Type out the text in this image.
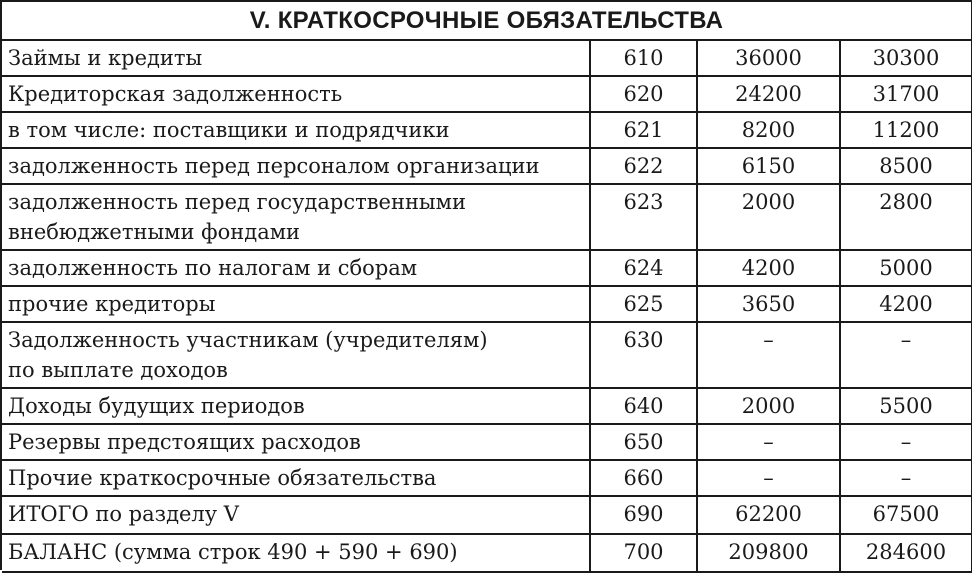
V. КРАТКОСРОЧНЫЕ ОБЯЗАТЕЛЬСТВА			
Займы и кредиты	610	36000	30300
Кредиторская задолженность	620	24200	31700
в том числе: поставщики и подрядчики	621	8200	11200
задолженность перед персоналом организации	622	6150	8500

задолженность перед государственными
внебюджетными фондами	623	2000	2800
задолженность по налогам и сборам	624	4200	5000
прочие кредиторы	625	3650	4200

Задолженность участникам (учредителям)
по выплате доходов	630	–	–
Доходы будущих периодов	640	2000	5500
Резервы предстоящих расходов	650	–	–
Прочие краткосрочные обязательства	660	–	–
ИТОГО по разделу V	690	62200	67500
БАЛАНС (сумма строк 490 + 590 + 690)	700	209800	284600
